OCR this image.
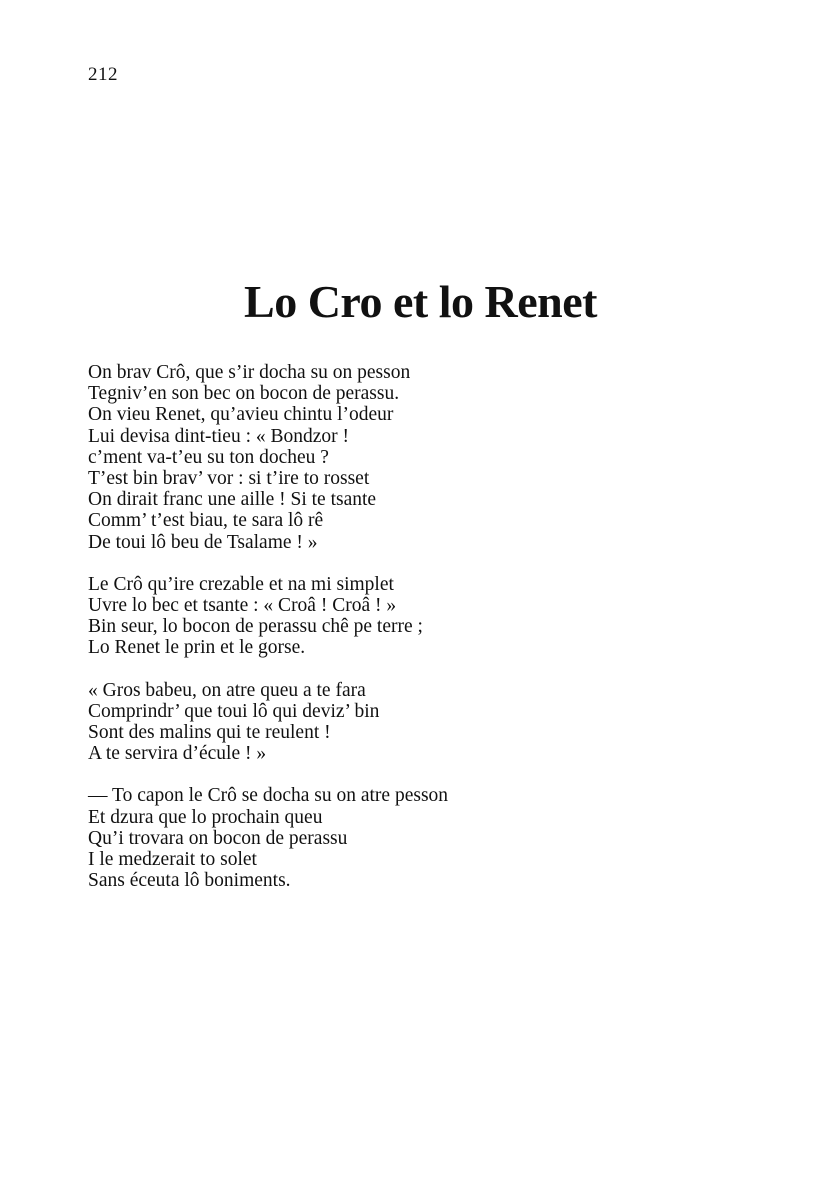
212
Lo Cro et lo Renet
On brav Crô, que s’ir docha su on pesson
Tegniv’en son bec on bocon de perassu.
On vieu Renet, qu’avieu chintu l’odeur
Lui devisa dint-tieu : « Bondzor !
c’ment va-t’eu su ton docheu ?
T’est bin brav’ vor : si t’ire to rosset
On dirait franc une aille ! Si te tsante
Comm’ t’est biau, te sara lô rê
De toui lô beu de Tsalame ! »
Le Crô qu’ire crezable et na mi simplet
Uvre lo bec et tsante : « Croâ ! Croâ ! »
Bin seur, lo bocon de perassu chê pe terre ;
Lo Renet le prin et le gorse.
« Gros babeu, on atre queu a te fara
Comprindr’ que toui lô qui deviz’ bin
Sont des malins qui te reulent !
A te servira d’écule ! »
— To capon le Crô se docha su on atre pesson
Et dzura que lo prochain queu
Qu’i trovara on bocon de perassu
I le medzerait to solet
Sans éceuta lô boniments.
